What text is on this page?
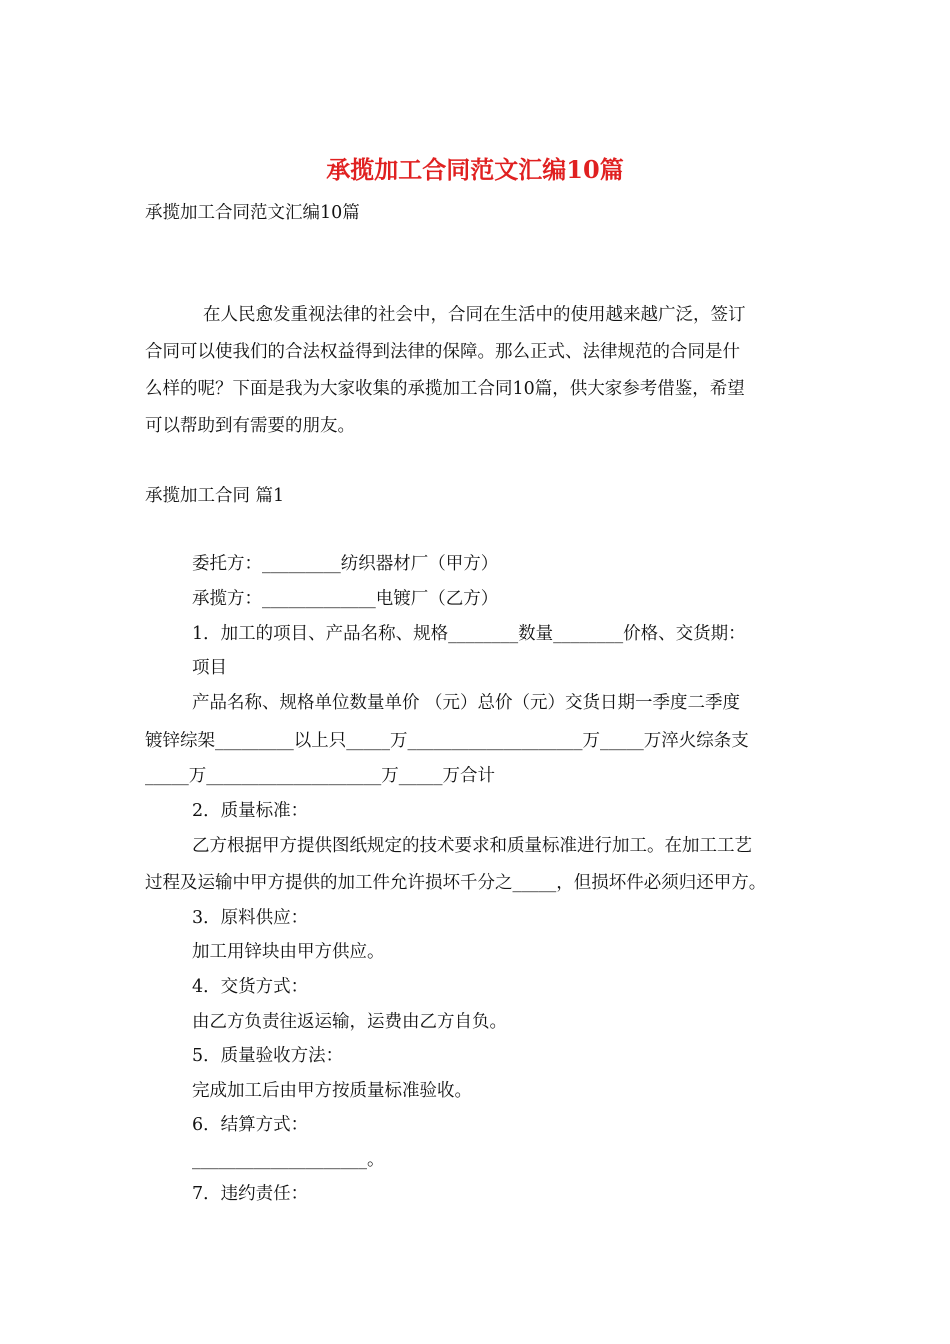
承揽加工合同范文汇编10篇
承揽加工合同范文汇编10篇
在人民愈发重视法律的社会中，合同在生活中的使用越来越广泛，签订
合同可以使我们的合法权益得到法律的保障。那么正式、法律规范的合同是什
么样的呢？下面是我为大家收集的承揽加工合同10篇，供大家参考借鉴，希望
可以帮助到有需要的朋友。
承揽加工合同 篇1
委托方：_________纺织器材厂（甲方）
承揽方：_____________电镀厂（乙方）
1．加工的项目、产品名称、规格________数量________价格、交货期：
项目
产品名称、规格单位数量单价 （元）总价（元）交货日期一季度二季度
镀锌综架_________以上只_____万____________________万_____万淬火综条支
_____万____________________万_____万合计
2．质量标准：
乙方根据甲方提供图纸规定的技术要求和质量标准进行加工。在加工工艺
过程及运输中甲方提供的加工件允许损坏千分之_____，但损坏件必须归还甲方。
3．原料供应：
加工用锌块由甲方供应。
4．交货方式：
由乙方负责往返运输，运费由乙方自负。
5．质量验收方法：
完成加工后由甲方按质量标准验收。
6．结算方式：
____________________。
7．违约责任：
